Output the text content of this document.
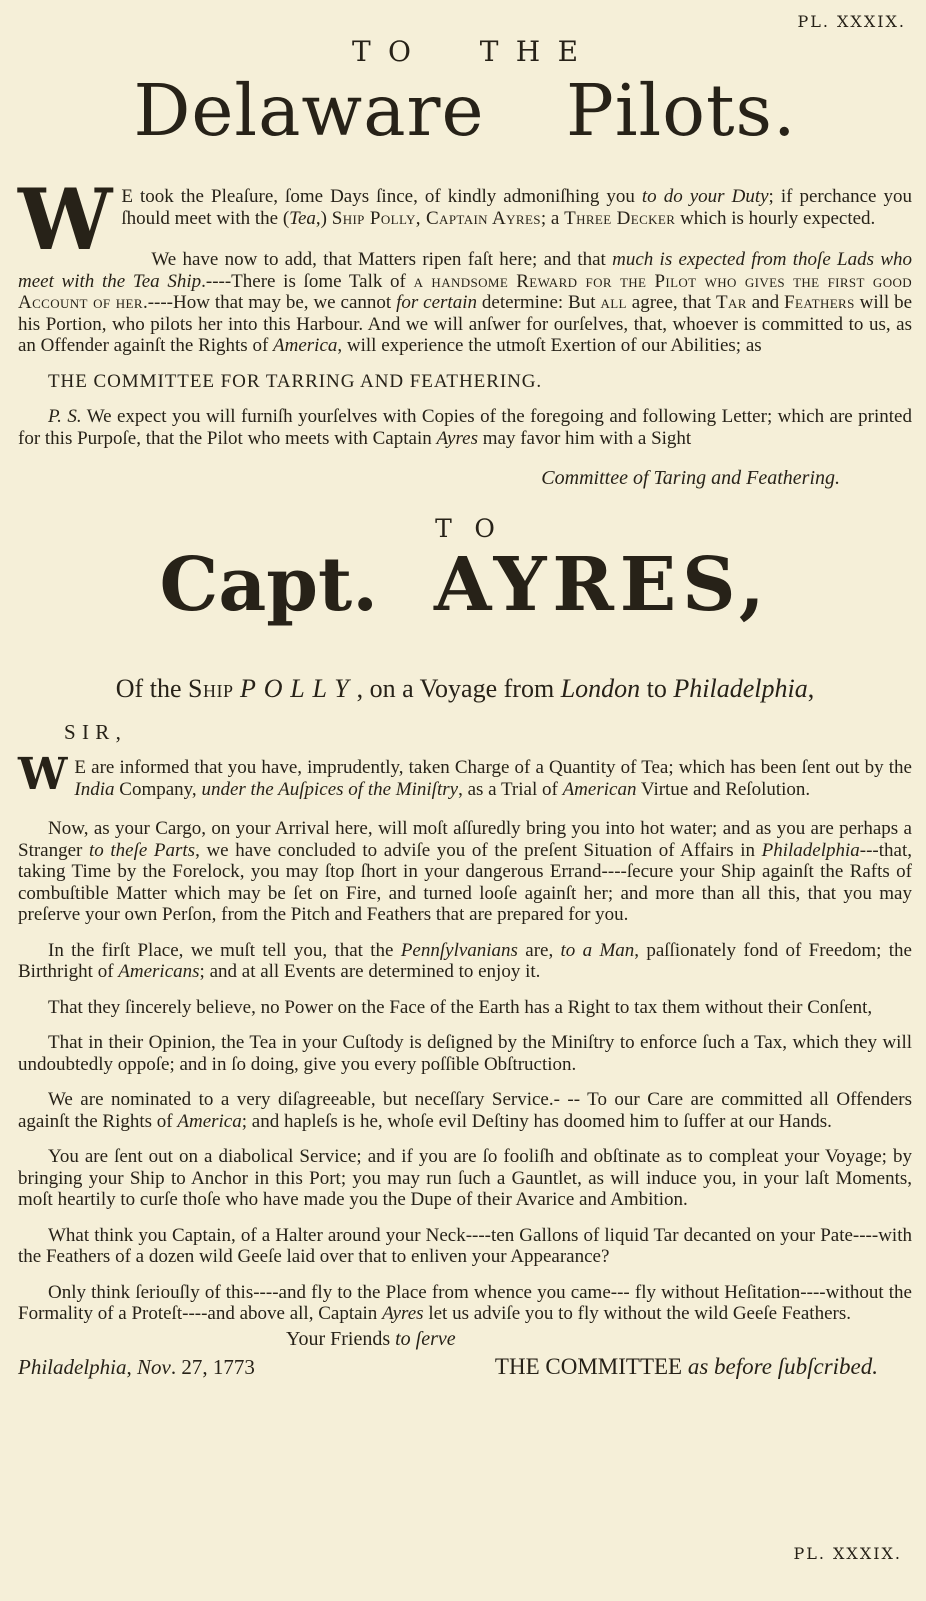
PL. XXXIX.
TO THE
Delaware Pilots.

W E took the Pleaſure, ſome Days ſince, of kindly admoniſhing you to do your Duty; if perchance you ſhould meet with the (Tea,) Ship Polly, Captain Ayres; a Three Decker which is hourly expected.

We have now to add, that Matters ripen faſt here; and that much is expected from thoſe Lads who meet with the Tea Ship.----There is ſome Talk of a handsome Reward for the Pilot who gives the first good Account of her.----How that may be, we cannot for certain determine: But all agree, that Tar and Feathers will be his Portion, who pilots her into this Harbour. And we will anſwer for ourſelves, that, whoever is committed to us, as an Offender againſt the Rights of America, will experience the utmoſt Exertion of our Abilities; as

THE COMMITTEE FOR TARRING AND FEATHERING.

P. S. We expect you will furniſh yourſelves with Copies of the foregoing and following Letter; which are printed for this Purpoſe, that the Pilot who meets with Captain Ayres may favor him with a Sight

Committee of Taring and Feathering.
TO
Capt. AYRES,
Of the Ship POLLY, on a Voyage from London to Philadelphia,
SIR,

W E are informed that you have, imprudently, taken Charge of a Quantity of Tea; which has been ſent out by the India Company, under the Auſpices of the Miniſtry, as a Trial of American Virtue and Reſolution.

Now, as your Cargo, on your Arrival here, will moſt aſſuredly bring you into hot water; and as you are perhaps a Stranger to theſe Parts, we have concluded to adviſe you of the preſent Situation of Affairs in Philadelphia---that, taking Time by the Forelock, you may ſtop ſhort in your dangerous Errand----ſecure your Ship againſt the Rafts of combuſtible Matter which may be ſet on Fire, and turned looſe againſt her; and more than all this, that you may preſerve your own Perſon, from the Pitch and Feathers that are prepared for you.

In the firſt Place, we muſt tell you, that the Pennſylvanians are, to a Man, paſſionately fond of Freedom; the Birthright of Americans; and at all Events are determined to enjoy it.

That they ſincerely believe, no Power on the Face of the Earth has a Right to tax them without their Conſent,

That in their Opinion, the Tea in your Cuſtody is deſigned by the Miniſtry to enforce ſuch a Tax, which they will undoubtedly oppoſe; and in ſo doing, give you every poſſible Obſtruction.

We are nominated to a very diſagreeable, but neceſſary Service.- -- To our Care are committed all Offenders againſt the Rights of America; and hapleſs is he, whoſe evil Deſtiny has doomed him to ſuffer at our Hands.

You are ſent out on a diabolical Service; and if you are ſo fooliſh and obſtinate as to compleat your Voyage; by bringing your Ship to Anchor in this Port; you may run ſuch a Gauntlet, as will induce you, in your laſt Moments, moſt heartily to curſe thoſe who have made you the Dupe of their Avarice and Ambition.

What think you Captain, of a Halter around your Neck----ten Gallons of liquid Tar decanted on your Pate----with the Feathers of a dozen wild Geeſe laid over that to enliven your Appearance?

Only think ſeriouſly of this----and fly to the Place from whence you came--- fly without Heſitation----without the Formality of a Proteſt----and above all, Captain Ayres let us adviſe you to fly without the wild Geeſe Feathers.

Your Friends to ſerve
Philadelphia, Nov. 27, 1773	THE COMMITTEE as before ſubſcribed.
PL. XXXIX.
